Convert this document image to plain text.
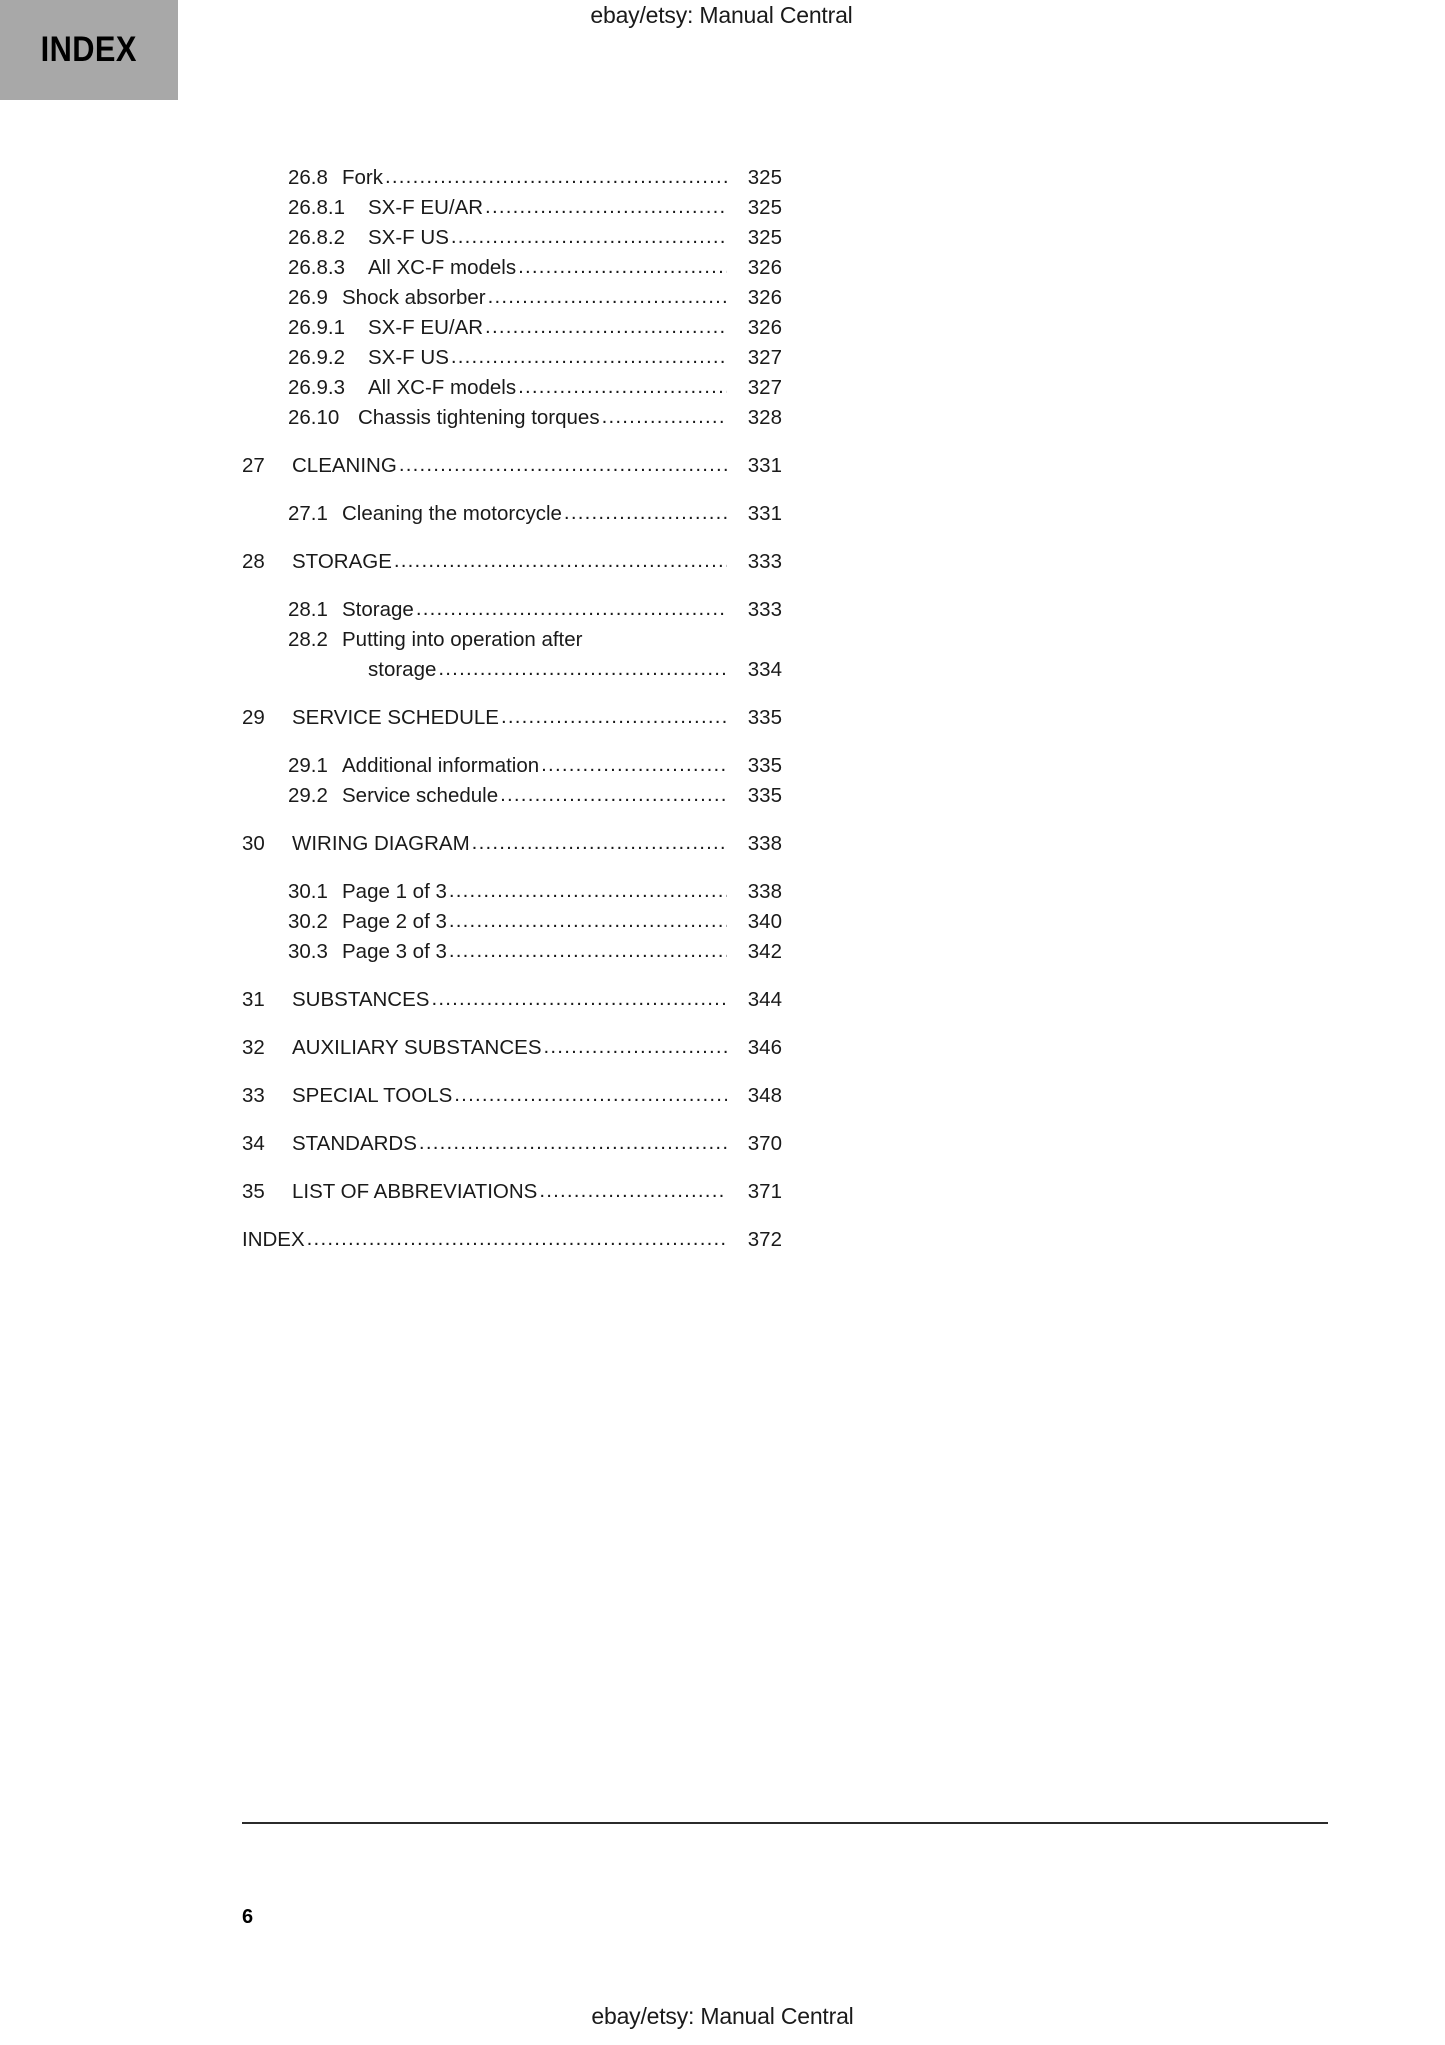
INDEX
ebay/etsy: Manual Central
26.8 Fork .....	325
26.8.1 SX-F EU/AR .....	325
26.8.2 SX-F US .....	325
26.8.3 All XC-F models .....	326
26.9 Shock absorber .....	326
26.9.1 SX-F EU/AR .....	326
26.9.2 SX-F US .....	327
26.9.3 All XC-F models .....	327
26.10 Chassis tightening torques .....	328
27	CLEANING .....	331
27.1 Cleaning the motorcycle .....	331
28	STORAGE .....	333
28.1 Storage .....	333
28.2 Putting into operation after
storage .....	334
29	SERVICE SCHEDULE .....	335
29.1 Additional information .....	335
29.2 Service schedule .....	335
30	WIRING DIAGRAM .....	338
30.1 Page 1 of 3 .....	338
30.2 Page 2 of 3 .....	340
30.3 Page 3 of 3 .....	342
31	SUBSTANCES .....	344
32	AUXILIARY SUBSTANCES .....	346
33	SPECIAL TOOLS .....	348
34	STANDARDS .....	370
35	LIST OF ABBREVIATIONS .....	371
INDEX .....	372
6
ebay/etsy: Manual Central
